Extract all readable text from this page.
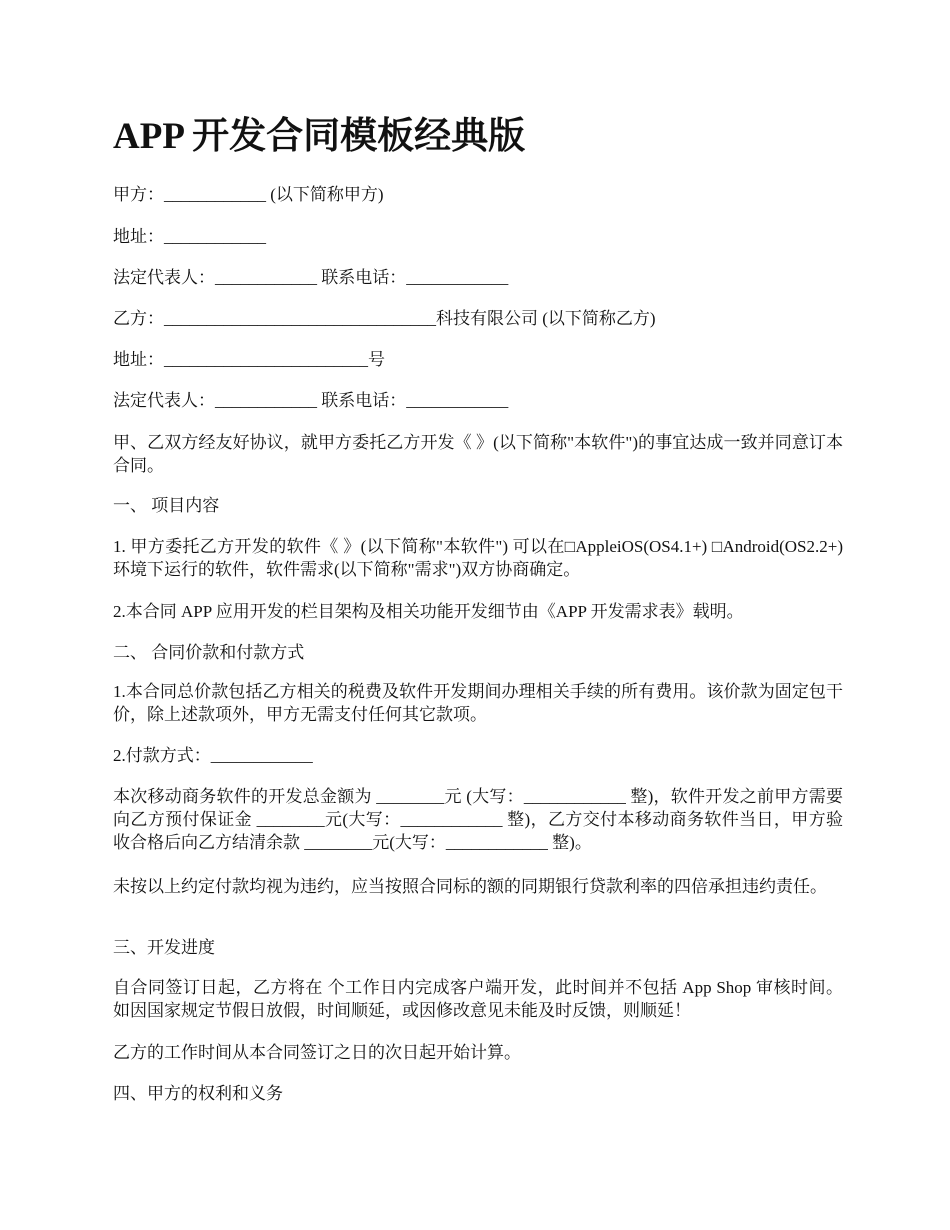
APP 开发合同模板经典版

甲方：____________ (以下简称甲方)

地址：____________

法定代表人：____________ 联系电话：____________

乙方：________________________________科技有限公司 (以下简称乙方)

地址：________________________号

法定代表人：____________ 联系电话：____________

甲、乙双方经友好协议，就甲方委托乙方开发《 》(以下简称"本软件")的事宜达成一致并同意订本合同。

一、 项目内容

1. 甲方委托乙方开发的软件《 》(以下简称"本软件") 可以在□AppleiOS(OS4.1+) □Android(OS2.2+) 环境下运行的软件，软件需求(以下简称"需求")双方协商确定。

2.本合同 APP 应用开发的栏目架构及相关功能开发细节由《APP 开发需求表》载明。

二、 合同价款和付款方式

1.本合同总价款包括乙方相关的税费及软件开发期间办理相关手续的所有费用。该价款为固定包干价，除上述款项外，甲方无需支付任何其它款项。

2.付款方式：____________

本次移动商务软件的开发总金额为 ________元 (大写：____________ 整)，软件开发之前甲方需要向乙方预付保证金 ________元(大写：____________ 整)，乙方交付本移动商务软件当日，甲方验收合格后向乙方结清余款 ________元(大写：____________ 整)。

未按以上约定付款均视为违约，应当按照合同标的额的同期银行贷款利率的四倍承担违约责任。

三、开发进度

自合同签订日起，乙方将在 个工作日内完成客户端开发，此时间并不包括 App Shop 审核时间。 如因国家规定节假日放假，时间顺延，或因修改意见未能及时反馈，则顺延！

乙方的工作时间从本合同签订之日的次日起开始计算。

四、甲方的权利和义务
